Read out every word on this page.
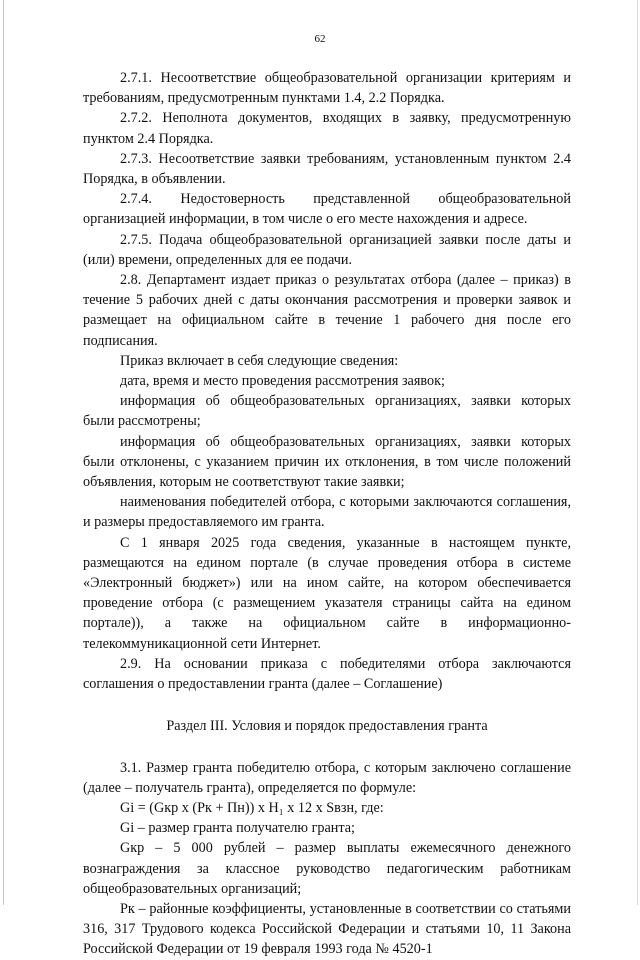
62

2.7.1. Несоответствие общеобразовательной организации критериям и требованиям, предусмотренным пунктами 1.4, 2.2 Порядка.

2.7.2. Неполнота документов, входящих в заявку, предусмотренную пунктом 2.4 Порядка.

2.7.3. Несоответствие заявки требованиям, установленным пунктом 2.4 Порядка, в объявлении.

2.7.4. Недостоверность представленной общеобразовательной организацией информации, в том числе о его месте нахождения и адресе.

2.7.5. Подача общеобразовательной организацией заявки после даты и (или) времени, определенных для ее подачи.

2.8. Департамент издает приказ о результатах отбора (далее – приказ) в течение 5 рабочих дней с даты окончания рассмотрения и проверки заявок и размещает на официальном сайте в течение 1 рабочего дня после его подписания.

Приказ включает в себя следующие сведения:

дата, время и место проведения рассмотрения заявок;

информация об общеобразовательных организациях, заявки которых были рассмотрены;

информация об общеобразовательных организациях, заявки которых были отклонены, с указанием причин их отклонения, в том числе положений объявления, которым не соответствуют такие заявки;

наименования победителей отбора, с которыми заключаются соглашения, и размеры предоставляемого им гранта.

С 1 января 2025 года сведения, указанные в настоящем пункте, размещаются на едином портале (в случае проведения отбора в системе «Электронный бюджет») или на ином сайте, на котором обеспечивается проведение отбора (с размещением указателя страницы сайта на едином портале)), а также на официальном сайте в информационно-телекоммуникационной сети Интернет.

2.9. На основании приказа с победителями отбора заключаются соглашения о предоставлении гранта (далее – Соглашение)

Раздел III. Условия и порядок предоставления гранта

3.1. Размер гранта победителю отбора, с которым заключено соглашение (далее – получатель гранта), определяется по формуле:

Gi = (Gкр х (Рк + Пн)) х H₁ х 12 х Sвзн, где:

Gi – размер гранта получателю гранта;

Gкр – 5 000 рублей – размер выплаты ежемесячного денежного вознаграждения за классное руководство педагогическим работникам общеобразовательных организаций;

Рк – районные коэффициенты, установленные в соответствии со статьями 316, 317 Трудового кодекса Российской Федерации и статьями 10, 11 Закона Российской Федерации от 19 февраля 1993 года № 4520-1
